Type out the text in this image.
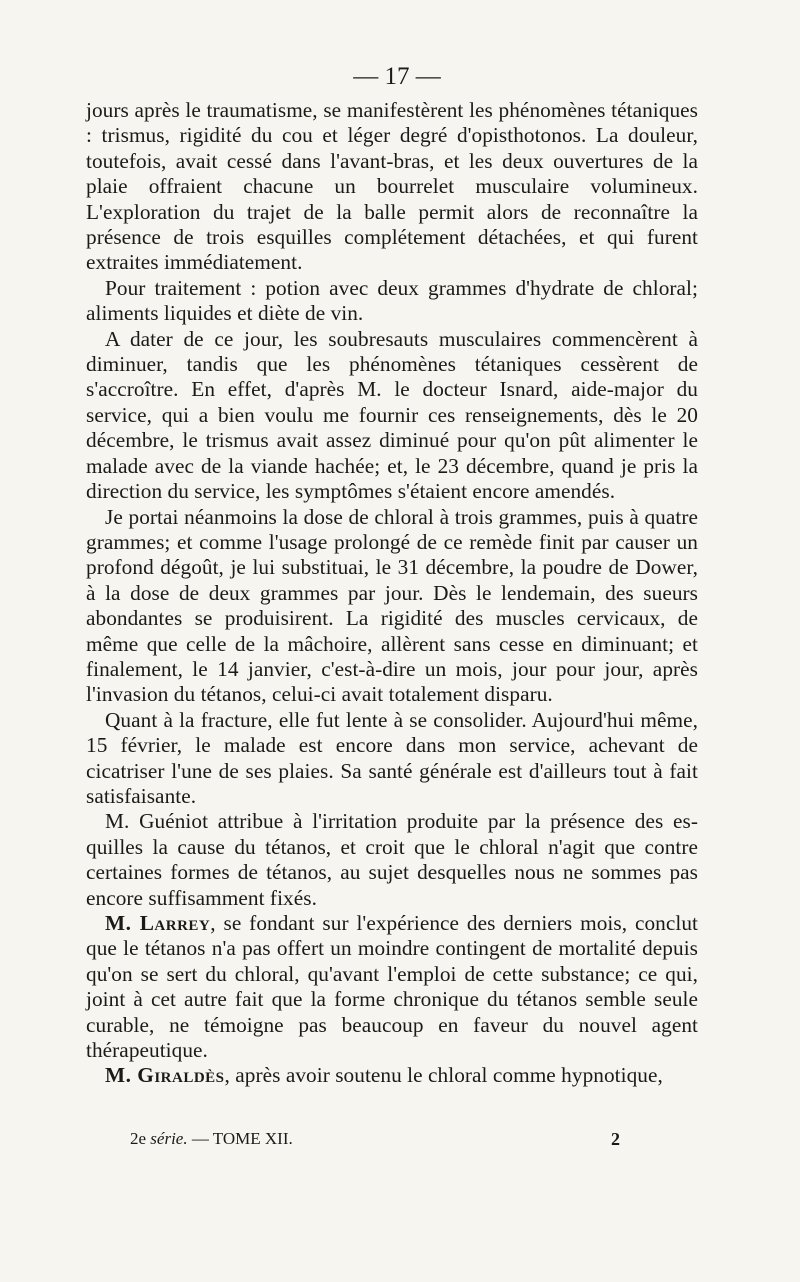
— 17 —

jours après le traumatisme, se manifestèrent les phénomènes tétaniques : trismus, rigidité du cou et léger degré d'opisthotonos. La douleur, toutefois, avait cessé dans l'avant-bras, et les deux ouvertures de la plaie offraient chacune un bourrelet musculaire volumineux. L'exploration du trajet de la balle permit alors de reconnaître la présence de trois esquilles complétement détachées, et qui furent extraites immédiatement.

Pour traitement : potion avec deux grammes d'hydrate de chloral; aliments liquides et diète de vin.

A dater de ce jour, les soubresauts musculaires commencèrent à diminuer, tandis que les phénomènes tétaniques cessèrent de s'accroître. En effet, d'après M. le docteur Isnard, aide-major du service, qui a bien voulu me fournir ces renseignements, dès le 20 décembre, le trismus avait assez diminué pour qu'on pût alimenter le malade avec de la viande hachée; et, le 23 décembre, quand je pris la direction du service, les symptômes s'étaient encore amendés.

Je portai néanmoins la dose de chloral à trois grammes, puis à quatre grammes; et comme l'usage prolongé de ce remède finit par causer un profond dégoût, je lui substituai, le 31 décembre, la poudre de Dower, à la dose de deux grammes par jour. Dès le lendemain, des sueurs abondantes se produisirent. La rigidité des muscles cervicaux, de même que celle de la mâchoire, allèrent sans cesse en diminuant; et finalement, le 14 janvier, c'est-à-dire un mois, jour pour jour, après l'invasion du tétanos, celui-ci avait totalement disparu.

Quant à la fracture, elle fut lente à se consolider. Aujourd'hui même, 15 février, le malade est encore dans mon service, achevant de cicatriser l'une de ses plaies. Sa santé générale est d'ailleurs tout à fait satisfaisante.

M. Guéniot attribue à l'irritation produite par la présence des esquilles la cause du tétanos, et croit que le chloral n'agit que contre certaines formes de tétanos, au sujet desquelles nous ne sommes pas encore suffisamment fixés.

M. Larrey, se fondant sur l'expérience des derniers mois, conclut que le tétanos n'a pas offert un moindre contingent de mortalité depuis qu'on se sert du chloral, qu'avant l'emploi de cette substance; ce qui, joint à cet autre fait que la forme chronique du tétanos semble seule curable, ne témoigne pas beaucoup en faveur du nouvel agent thérapeutique.

M. Giraldès, après avoir soutenu le chloral comme hypnotique,

2e série. — TOME XII.	2
